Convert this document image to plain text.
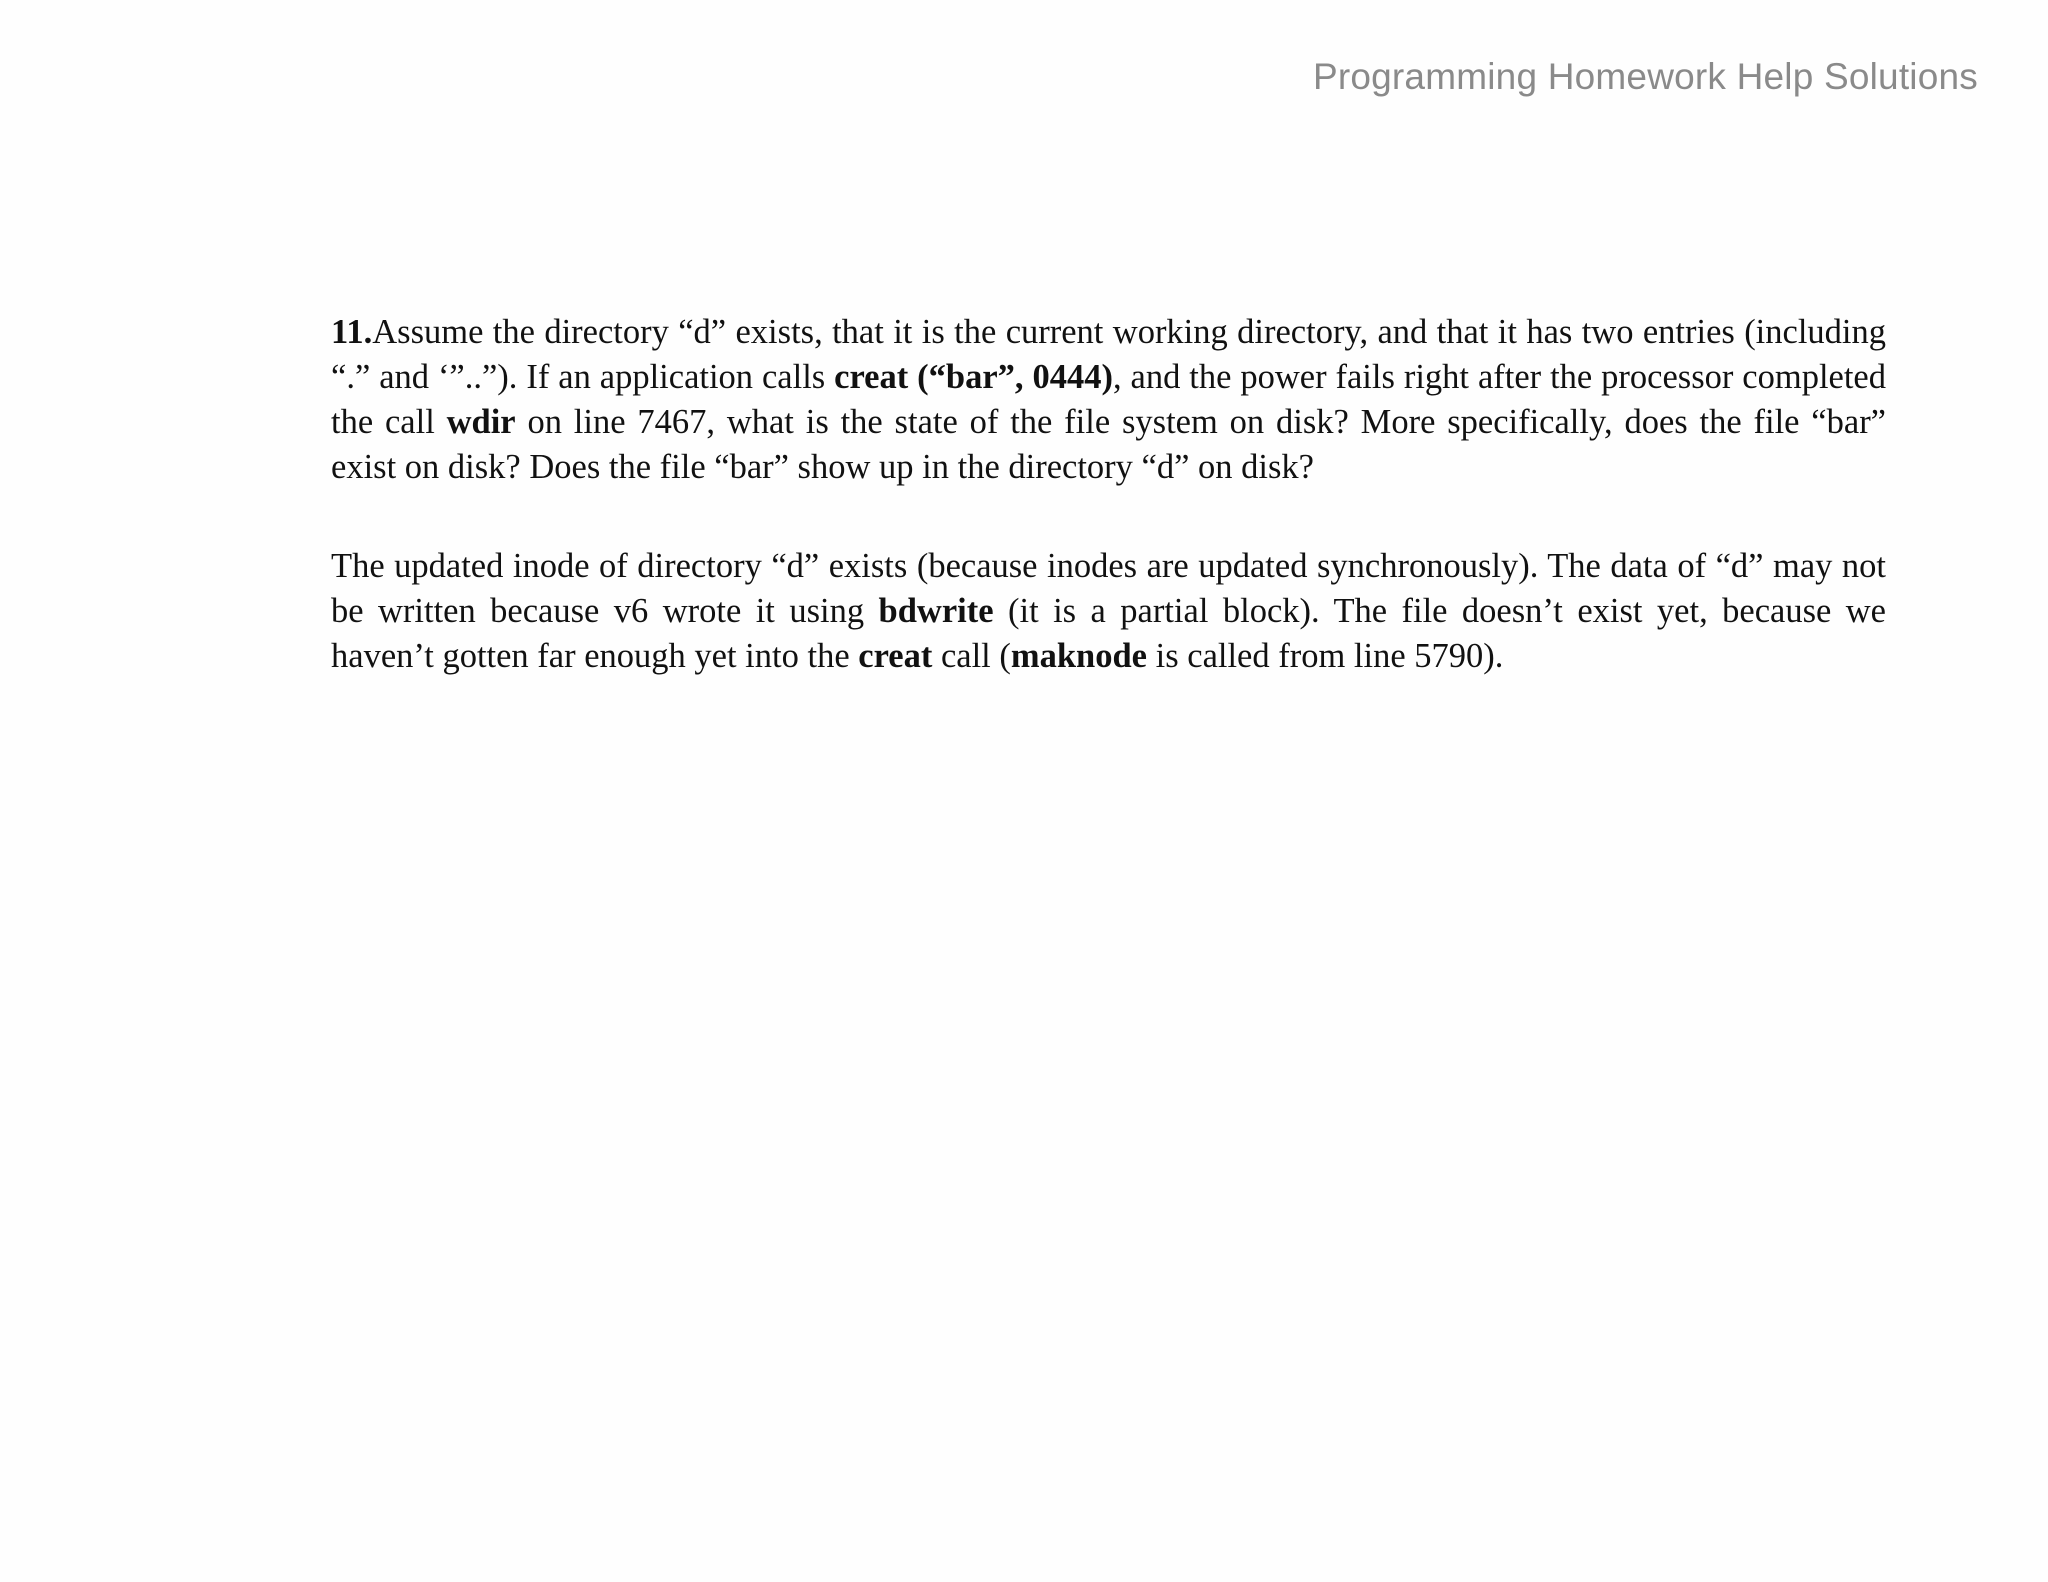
Programming Homework Help Solutions

11.Assume the directory “d” exists, that it is the current working directory, and that it has two entries (including “.” and ‘”..”). If an application calls creat (“bar”, 0444), and the power fails right after the processor completed the call wdir on line 7467, what is the state of the file system on disk? More specifically, does the file “bar” exist on disk? Does the file “bar” show up in the directory “d” on disk?

The updated inode of directory “d” exists (because inodes are updated synchronously). The data of “d” may not be written because v6 wrote it using bdwrite (it is a partial block). The file doesn’t exist yet, because we haven’t gotten far enough yet into the creat call (maknode is called from line 5790).
